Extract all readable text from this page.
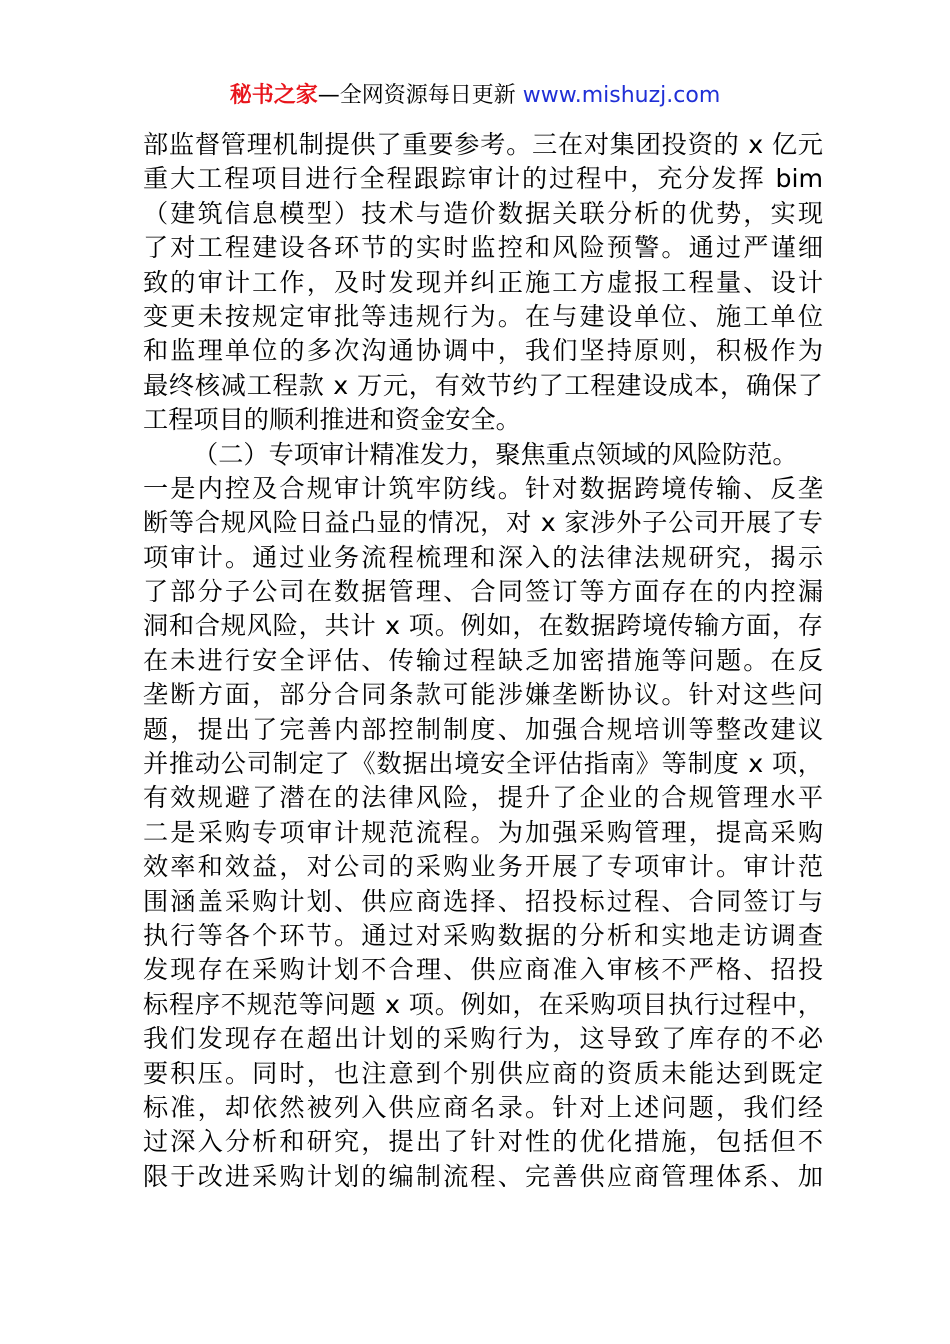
秘书之家—全网资源每日更新 www.mishuzj.com
部监督管理机制提供了重要参考。三在对集团投资的 x 亿元
重大工程项目进行全程跟踪审计的过程中，充分发挥 bim
（建筑信息模型）技术与造价数据关联分析的优势，实现
了对工程建设各环节的实时监控和风险预警。通过严谨细
致的审计工作，及时发现并纠正施工方虚报工程量、设计
变更未按规定审批等违规行为。在与建设单位、施工单位
和监理单位的多次沟通协调中，我们坚持原则，积极作为
最终核减工程款 x 万元，有效节约了工程建设成本，确保了
工程项目的顺利推进和资金安全。
（二）专项审计精准发力，聚焦重点领域的风险防范。
一是内控及合规审计筑牢防线。针对数据跨境传输、反垄
断等合规风险日益凸显的情况，对 x 家涉外子公司开展了专
项审计。通过业务流程梳理和深入的法律法规研究，揭示
了部分子公司在数据管理、合同签订等方面存在的内控漏
洞和合规风险，共计 x 项。例如，在数据跨境传输方面，存
在未进行安全评估、传输过程缺乏加密措施等问题。在反
垄断方面，部分合同条款可能涉嫌垄断协议。针对这些问
题，提出了完善内部控制制度、加强合规培训等整改建议
并推动公司制定了《数据出境安全评估指南》等制度 x 项，
有效规避了潜在的法律风险，提升了企业的合规管理水平
二是采购专项审计规范流程。为加强采购管理，提高采购
效率和效益，对公司的采购业务开展了专项审计。审计范
围涵盖采购计划、供应商选择、招投标过程、合同签订与
执行等各个环节。通过对采购数据的分析和实地走访调查
发现存在采购计划不合理、供应商准入审核不严格、招投
标程序不规范等问题 x 项。例如，在采购项目执行过程中，
我们发现存在超出计划的采购行为，这导致了库存的不必
要积压。同时，也注意到个别供应商的资质未能达到既定
标准，却依然被列入供应商名录。针对上述问题，我们经
过深入分析和研究，提出了针对性的优化措施，包括但不
限于改进采购计划的编制流程、完善供应商管理体系、加
